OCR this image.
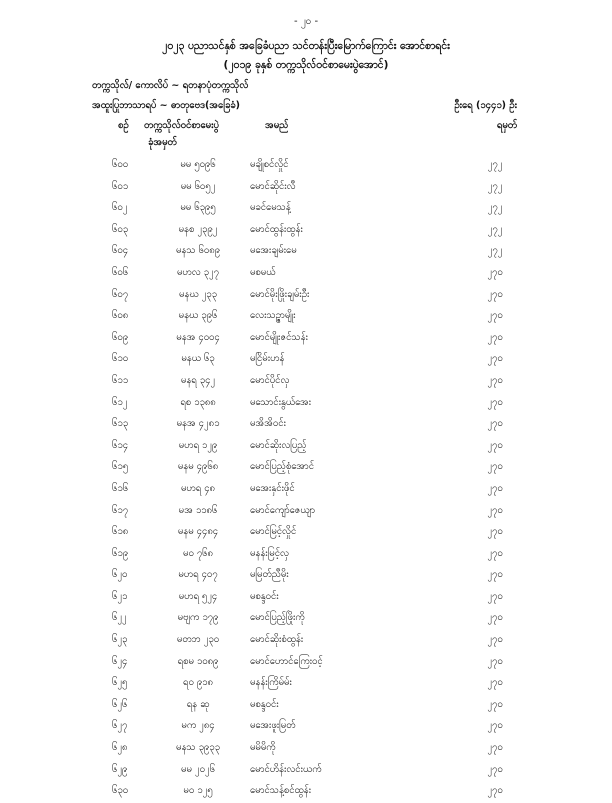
- ၂၀ -
၂၀၂၃ ပညာသင်နှစ် အခြေခံပညာ သင်တန်းပြီးမြောက်ကြောင်း အောင်စာရင်း
(၂၀၁၉ ခုနှစ် တက္ကသိုလ်ဝင်စာမေးပွဲအောင်)
တက္ကသိုလ်/ ကောလိပ် ~ ရတနာပုံတက္ကသိုလ်
အထူးပြုဘာသာရပ် ~ ဓာတုဗေဒ(အခြေခံ)	ဦးရေ (၁၄၄၁) ဦး
စဉ် တက္ကသိုလ်ဝင်စာမေးပွဲ
ခုံအမှတ်
အမည်	ရမှတ်
၆၀၀	မမ ၅၀၉၆	မချိုစင်လှိုင်	၂၇၂
၆၀၁	မမ ၆၀၅၂	မောင်ဆိုင်းလီ	၂၇၂
၆၀၂	မမ ၆၃၉၅	မခင်မေသန့်	၂၇၂
၆၀၃	မနစ ၂၃၉၂	မောင်ထွန်းထွန်း	၂၇၂
၆၀၄	မနသ ၆၀၈၉	မအေးချမ်းမေ	၂၇၂
၆၀၆	မဟလ ၃၂၇	မစမယ်	၂၇၀
၆၀၇	မနဃ ၂၃၃	မောင်မိုးဖြိုးချမ်းဦး	၂၇၀
၆၀၈	မနဃ ၃၉၆	လေးသဉ္ဇာမျိုး	၂၇၀
၆၀၉	မနအ ၄၀၀၄	မောင်မျိုးဇင်သန်း	၂၇၀
၆၁၀	မနယ ၆၃	မငြိမ်းဟန်	၂၇၀
၆၁၁	မနရ ၃၄၂	မောင်ပိုင်လှ	၂၇၀
၆၁၂	ရစ ၁၃၈၈	မသောင်းနွယ်အေး	၂၇၀
၆၁၃	မနအ ၄၂၈၁	မအိအိဝင်း	၂၇၀
၆၁၄	မဟရ ၁၂၉	မောင်ဆိုးလပြည့်	၂၇၀
၆၁၅	မနမ ၄၉၆၈	မောင်ပြည့်စုံအောင်	၂၇၀
၆၁၆	မဟရ ၄၈	မအေးနှင်းဖိုင်	၂၇၀
၆၁၇	မအ ၁၁၈၆	မောင်ကျော်ဇေယျာ	၂၇၀
၆၁၈	မနမ ၄၄၈၄	မောင်မြင့်လှိုင်	၂၇၀
၆၁၉	မဝ ၇၆၈	မနန်းမြင့်လှ	၂၇၀
၆၂၀	မဟရ ၄၀၇	မမြတ်ညီမိုး	၂၇၀
၆၂၁	မဟရ ၅၂၄	မစန္ဒဝင်း	၂၇၀
၆၂၂	မဗျက ၁၇၉	မောင်ပြည့်ဖြိုးကို	၂၇၀
၆၂၃	မတဘ ၂၃၀	မောင်ဆိုးစံထွန်း	၂၇၀
၆၂၄	ရစမ ၁၀၈၉	မောင်ဟောင်ကြေးဝင့်	၂၇၀
၆၂၅	ရဝ ၉၁၈	မနန်းကြိမ်မ်း	၂၇၀
၆၂၆	ရန ဆု	မစန္ဒဝင်း	၂၇၀
၆၂၇	မက ၂၈၄	မအေးဖူးမြတ်	၂၇၀
၆၂၈	မနသ ၃၉၃၃	မမိမိကို	၂၇၀
၆၂၉	မမ ၂၀၂၆	မောင်ဟိန်းလင်းယက်	၂၇၀
၆၃၀	မဝ ၁၂၅	မောင်သန့်စင်ထွန်း	၂၇၀
